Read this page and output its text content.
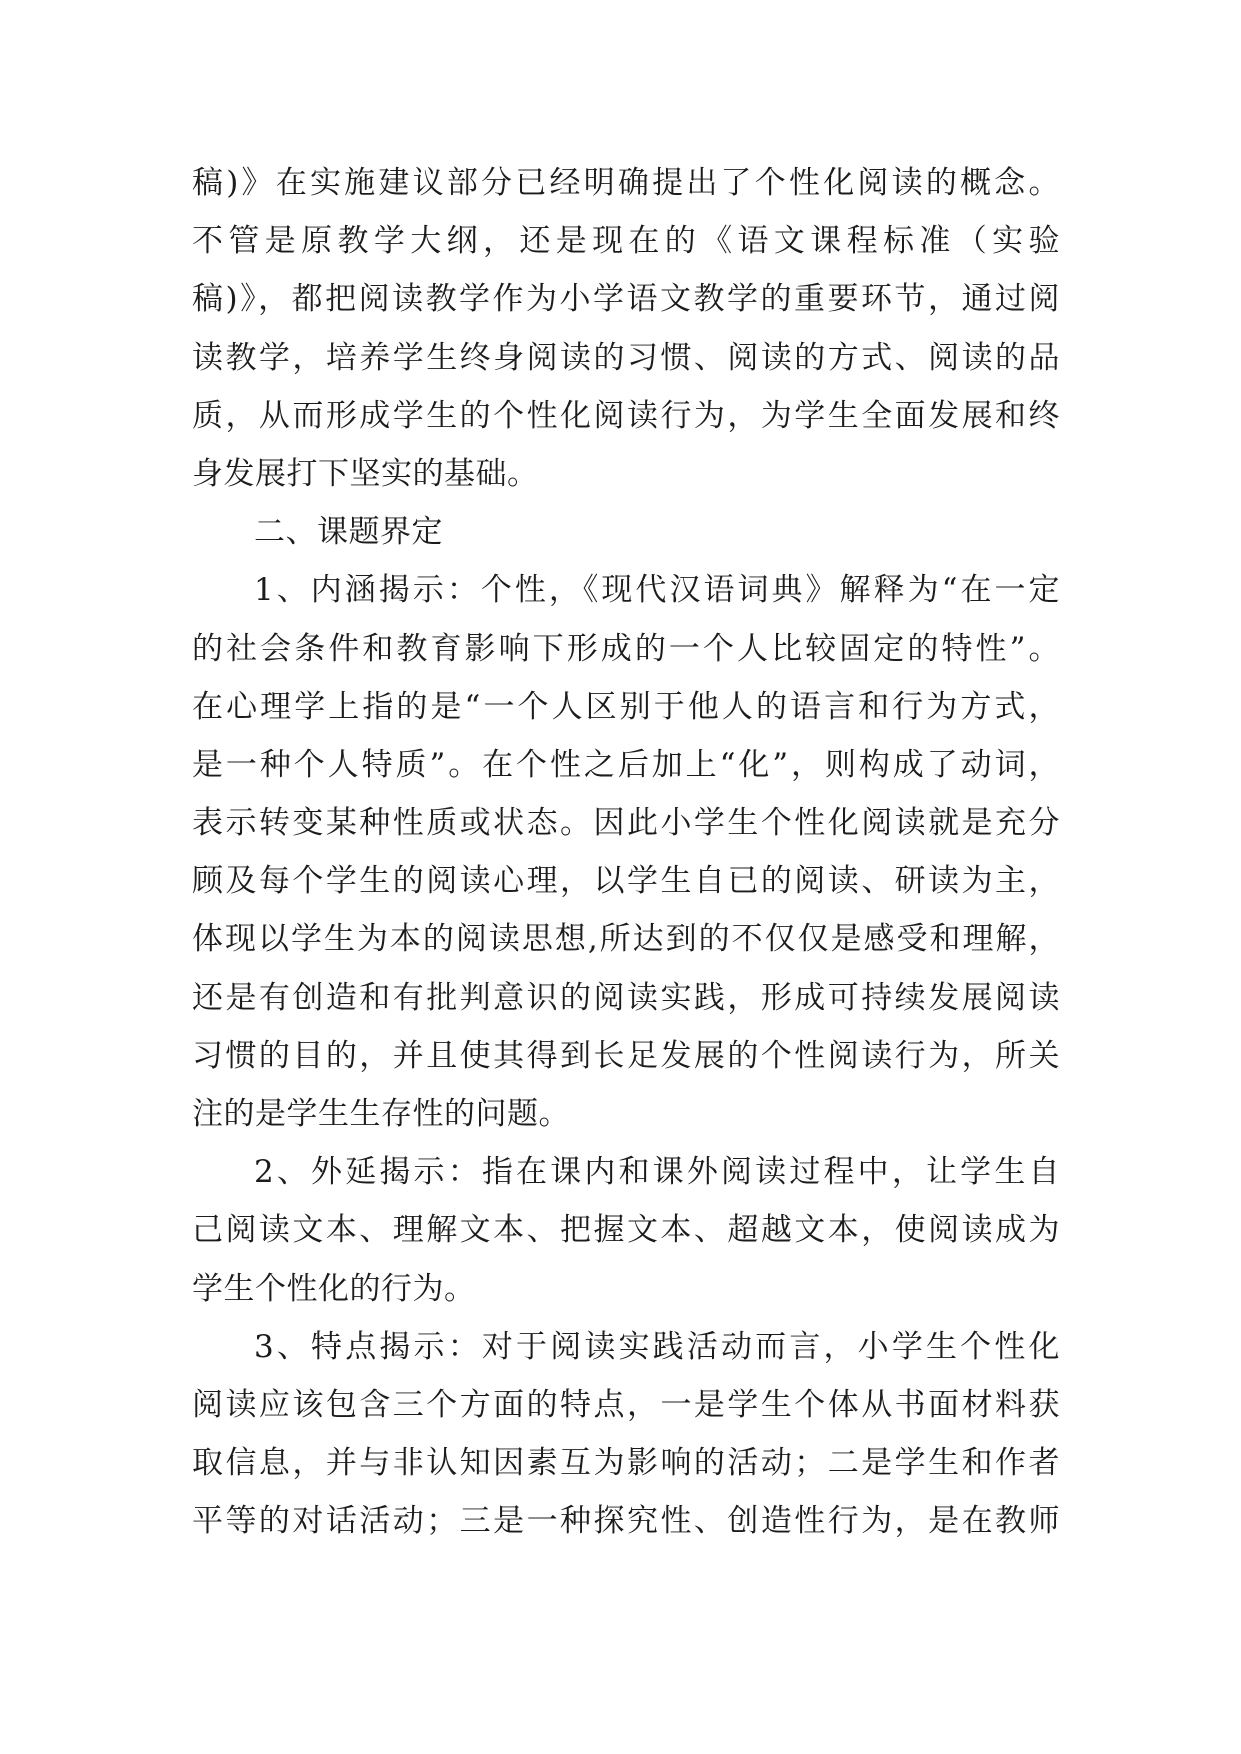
稿)》在实施建议部分已经明确提出了个性化阅读的概念。
不管是原教学大纲，还是现在的《语文课程标准（实验
稿)》，都把阅读教学作为小学语文教学的重要环节，通过阅
读教学，培养学生终身阅读的习惯、阅读的方式、阅读的品
质，从而形成学生的个性化阅读行为，为学生全面发展和终
身发展打下坚实的基础。
二、课题界定
1、内涵揭示：个性，《现代汉语词典》解释为“在一定
的社会条件和教育影响下形成的一个人比较固定的特性”。
在心理学上指的是“一个人区别于他人的语言和行为方式，
是一种个人特质”。在个性之后加上“化”，则构成了动词，
表示转变某种性质或状态。因此小学生个性化阅读就是充分
顾及每个学生的阅读心理，以学生自已的阅读、研读为主，
体现以学生为本的阅读思想,所达到的不仅仅是感受和理解，
还是有创造和有批判意识的阅读实践，形成可持续发展阅读
习惯的目的，并且使其得到长足发展的个性阅读行为，所关
注的是学生生存性的问题。
2、外延揭示：指在课内和课外阅读过程中，让学生自
己阅读文本、理解文本、把握文本、超越文本，使阅读成为
学生个性化的行为。
3、特点揭示：对于阅读实践活动而言，小学生个性化
阅读应该包含三个方面的特点，一是学生个体从书面材料获
取信息，并与非认知因素互为影响的活动；二是学生和作者
平等的对话活动；三是一种探究性、创造性行为，是在教师
